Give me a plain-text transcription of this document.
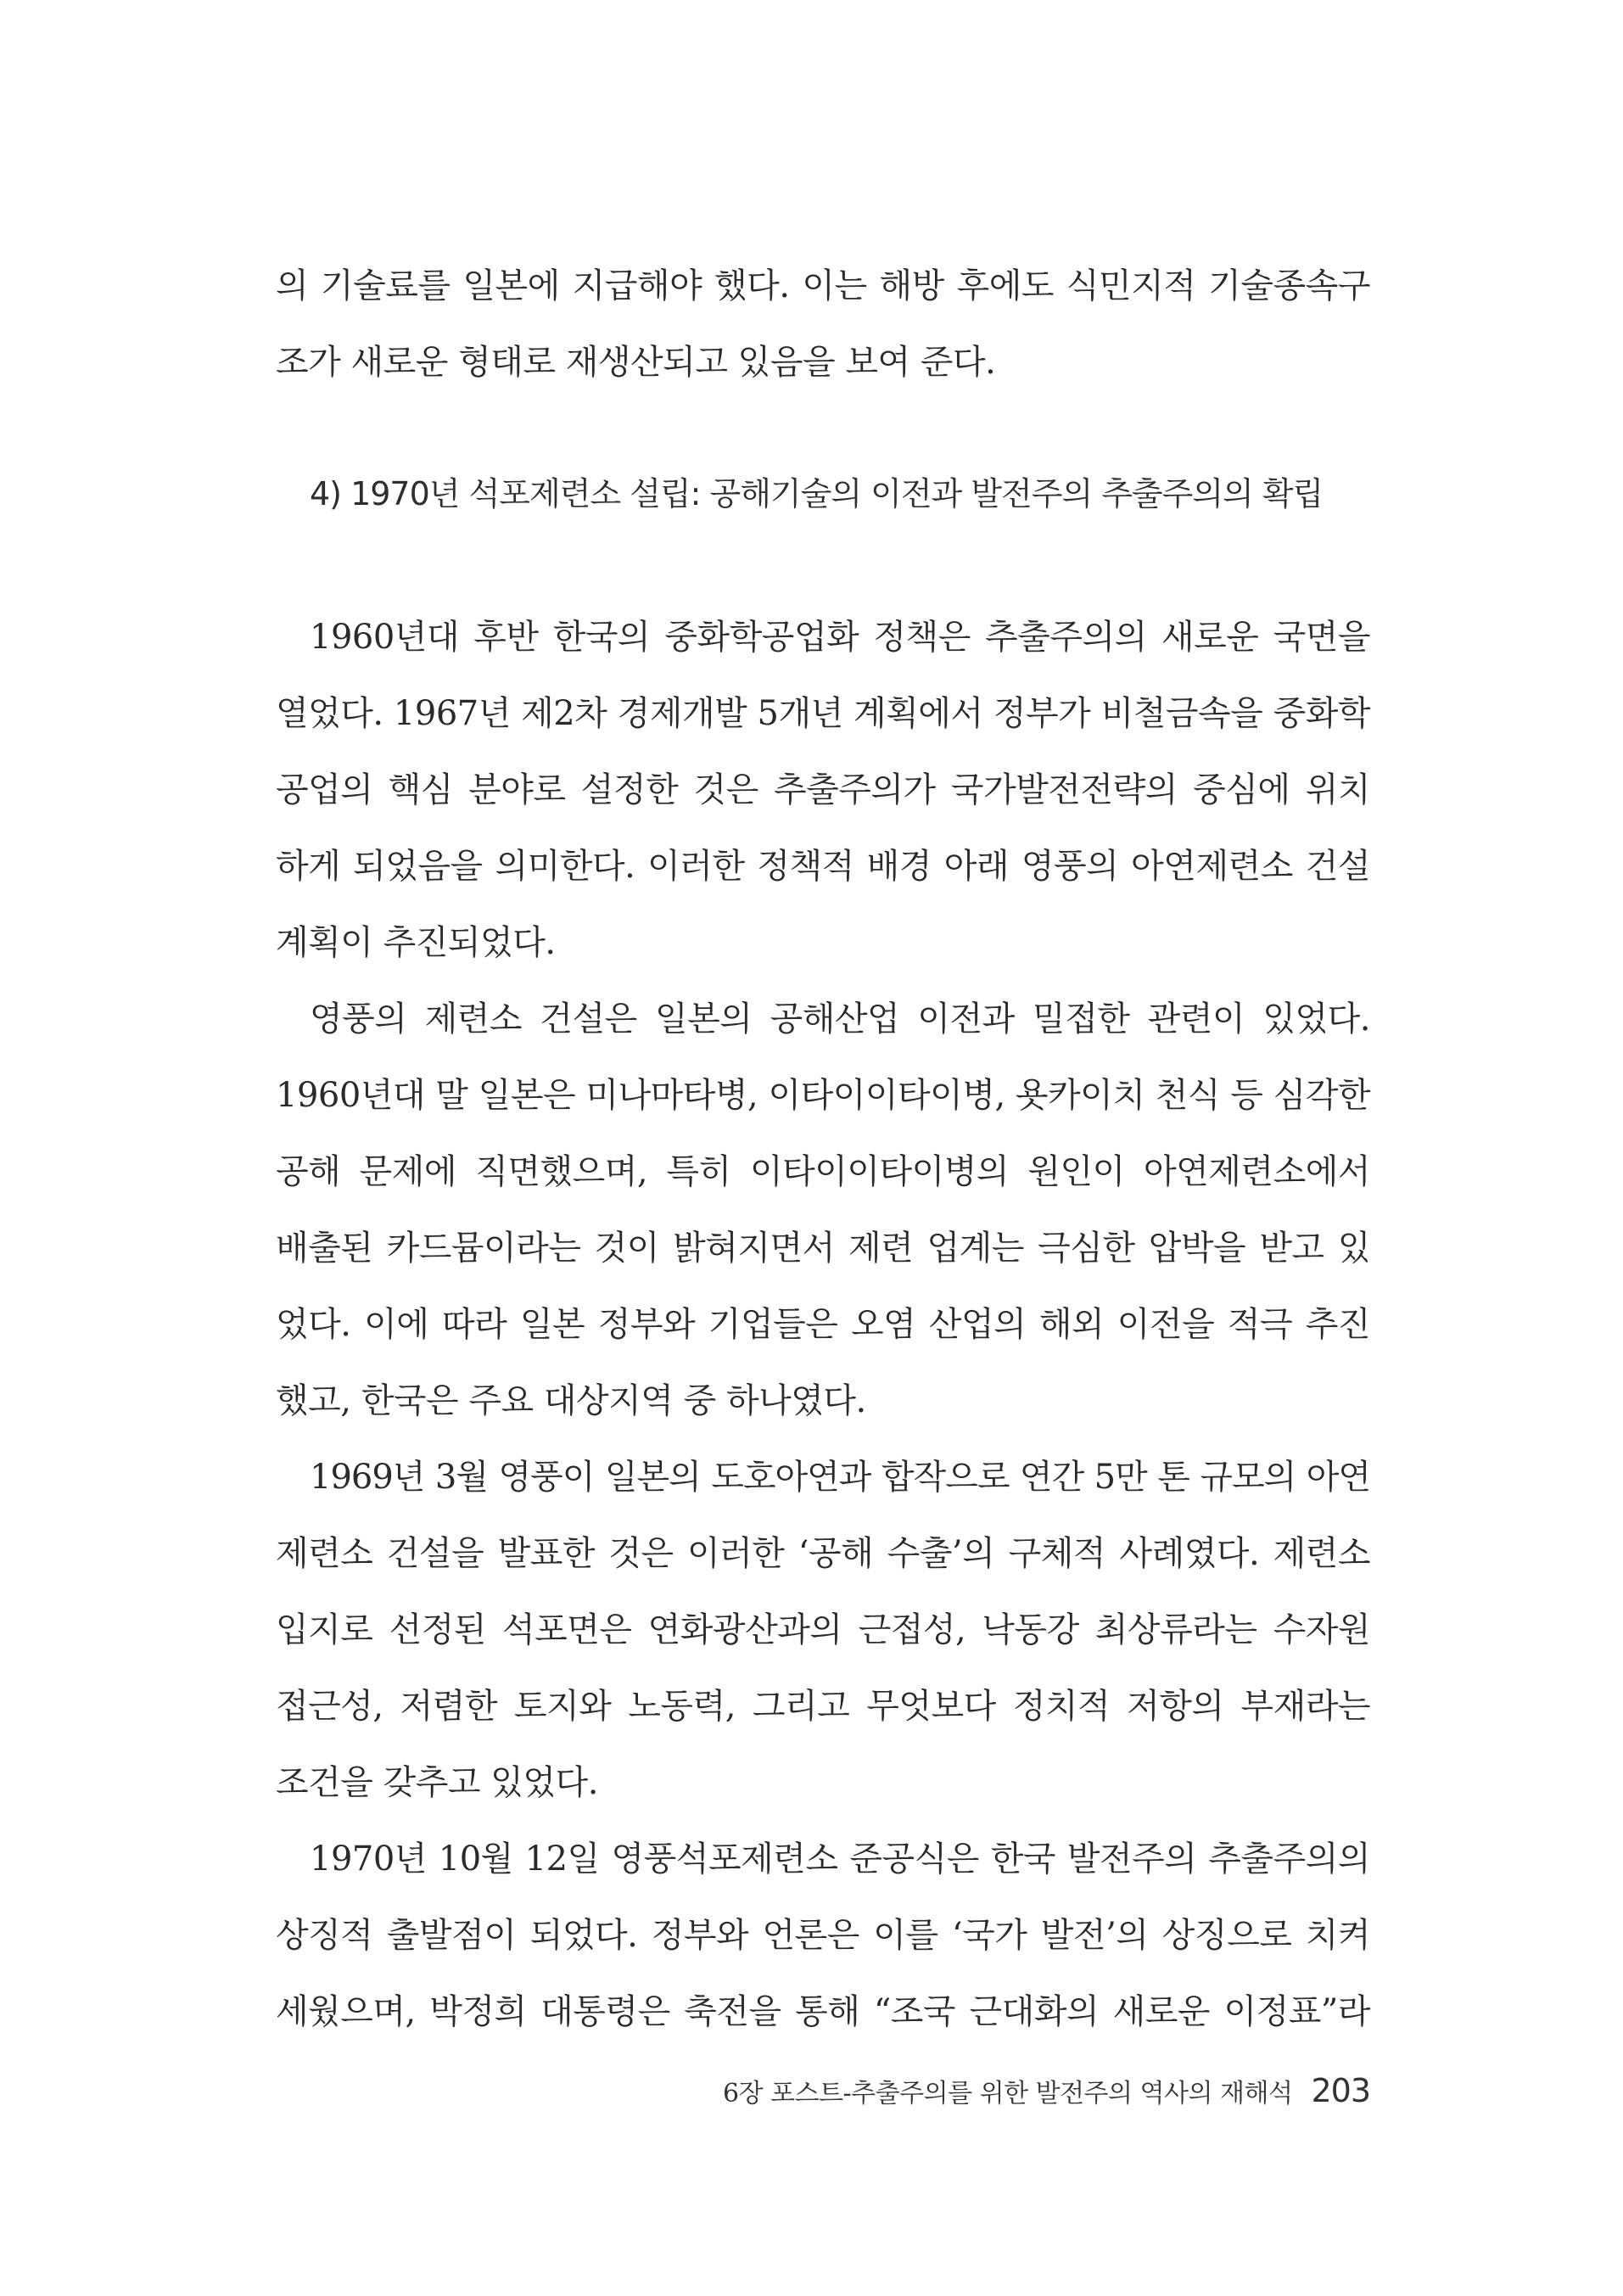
의 기술료를 일본에 지급해야 했다. 이는 해방 후에도 식민지적 기술종속구
조가 새로운 형태로 재생산되고 있음을 보여 준다.
4) 1970년 석포제련소 설립: 공해기술의 이전과 발전주의 추출주의의 확립
1960년대 후반 한국의 중화학공업화 정책은 추출주의의 새로운 국면을
열었다. 1967년 제2차 경제개발 5개년 계획에서 정부가 비철금속을 중화학
공업의 핵심 분야로 설정한 것은 추출주의가 국가발전전략의 중심에 위치
하게 되었음을 의미한다. 이러한 정책적 배경 아래 영풍의 아연제련소 건설
계획이 추진되었다.
영풍의 제련소 건설은 일본의 공해산업 이전과 밀접한 관련이 있었다.
1960년대 말 일본은 미나마타병, 이타이이타이병, 욧카이치 천식 등 심각한
공해 문제에 직면했으며, 특히 이타이이타이병의 원인이 아연제련소에서
배출된 카드뮴이라는 것이 밝혀지면서 제련 업계는 극심한 압박을 받고 있
었다. 이에 따라 일본 정부와 기업들은 오염 산업의 해외 이전을 적극 추진
했고, 한국은 주요 대상지역 중 하나였다.
1969년 3월 영풍이 일본의 도호아연과 합작으로 연간 5만 톤 규모의 아연
제련소 건설을 발표한 것은 이러한 ‘공해 수출’의 구체적 사례였다. 제련소
입지로 선정된 석포면은 연화광산과의 근접성, 낙동강 최상류라는 수자원
접근성, 저렴한 토지와 노동력, 그리고 무엇보다 정치적 저항의 부재라는
조건을 갖추고 있었다.
1970년 10월 12일 영풍석포제련소 준공식은 한국 발전주의 추출주의의
상징적 출발점이 되었다. 정부와 언론은 이를 ‘국가 발전’의 상징으로 치켜
세웠으며, 박정희 대통령은 축전을 통해 “조국 근대화의 새로운 이정표”라
6장 포스트-추출주의를 위한 발전주의 역사의 재해석 203
